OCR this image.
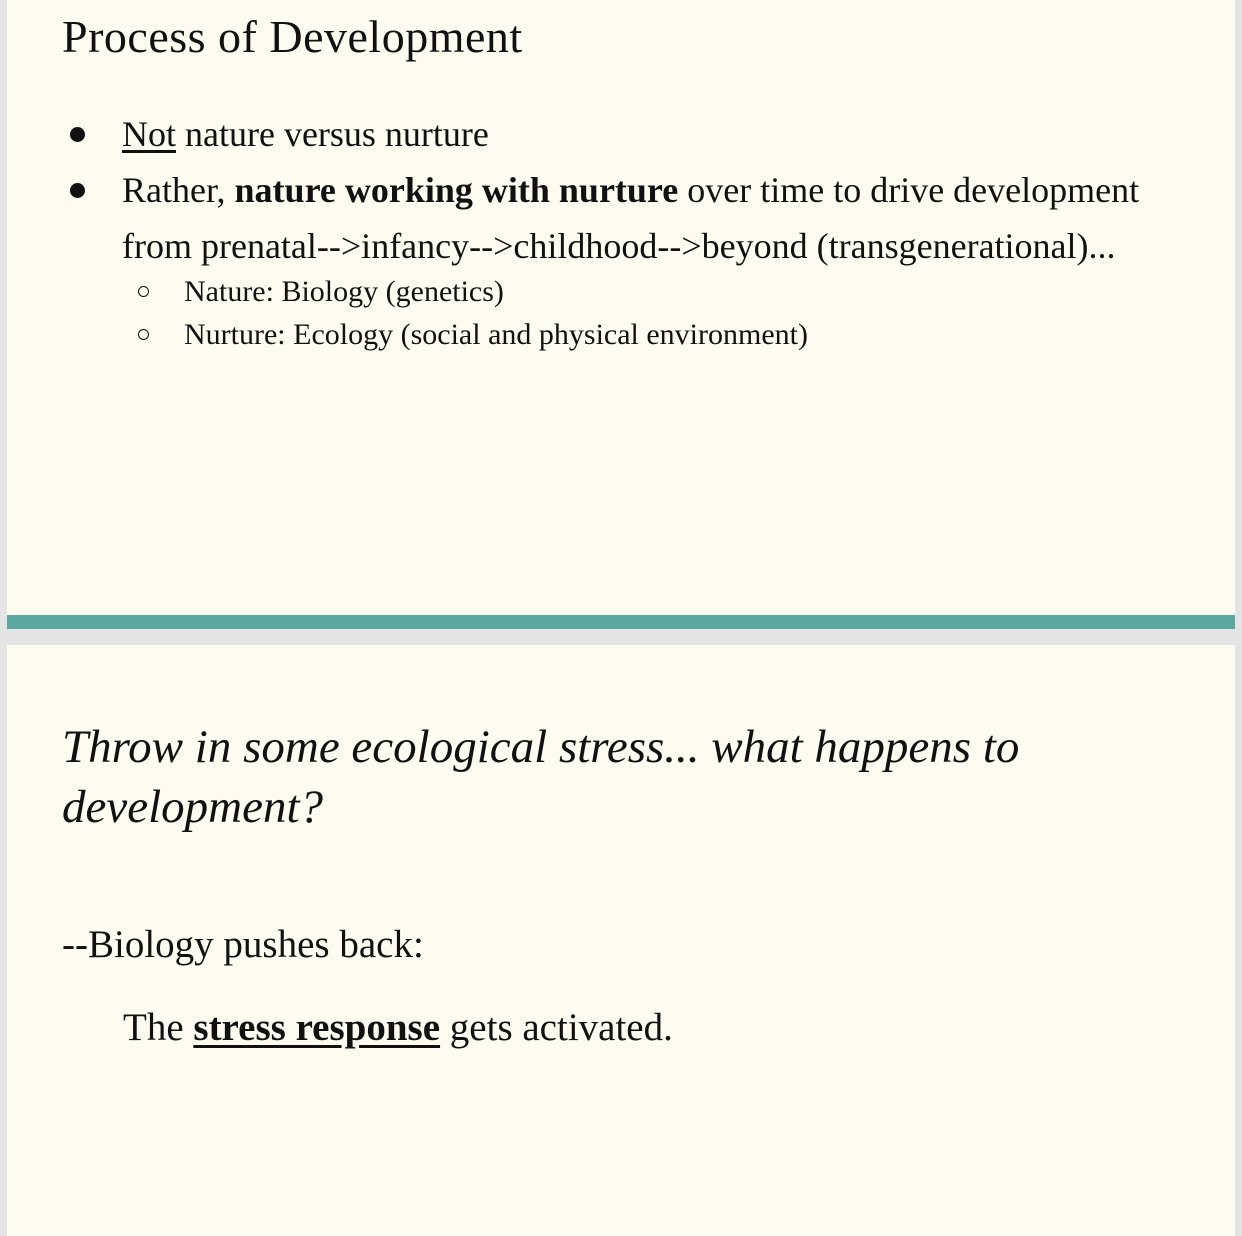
Process of Development
Not nature versus nurture
Rather, nature working with nurture over time to drive development from prenatal-->infancy-->childhood-->beyond (transgenerational)...
Nature: Biology (genetics)
Nurture: Ecology (social and physical environment)
Throw in some ecological stress... what happens to development?
--Biology pushes back:
The stress response gets activated.
